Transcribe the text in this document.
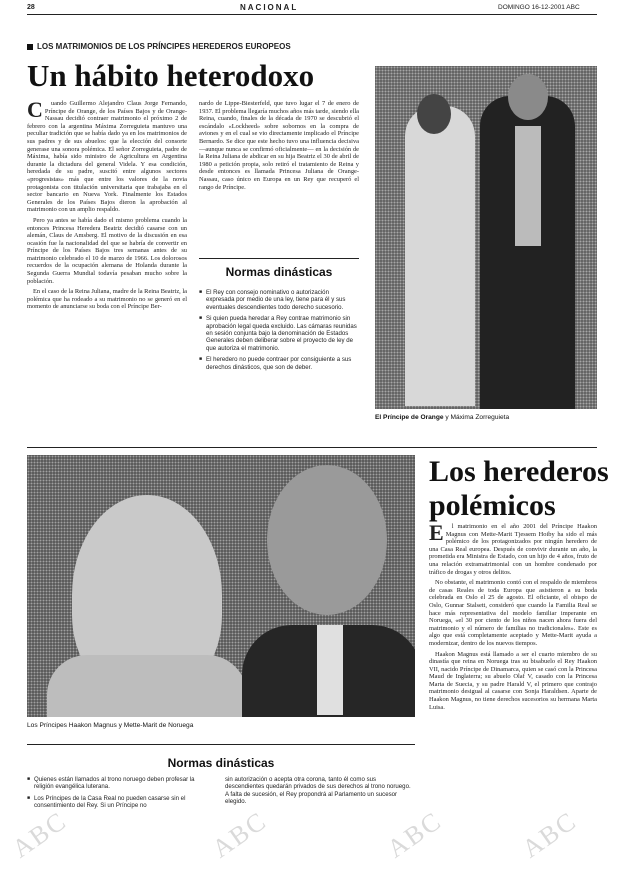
28	NACIONAL	DOMINGO 16-12-2001 ABC
LOS MATRIMONIOS DE LOS PRÍNCIPES HEREDEROS EUROPEOS
Un hábito heterodoxo
C	uando Guillermo Alejandro Claus Jorge Fernando, Príncipe de Orange, de los Países Bajos y de Orange-Nassau decidió contraer matrimonio el próximo 2 de febrero con la argentina Máxima Zorreguieta mantuvo una peculiar tradición que se había dado ya en los matrimonios de sus padres y de sus abuelos: que la elección del consorte generase una sonora polémica. El señor Zorreguieta, padre de Máxima, había sido ministro de Agricultura en Argentina durante la dictadura del general Videla. Y esa condición, heredada de su padre, suscitó entre algunos sectores «progresistas» más que entre los valores de la novia protagonista con titulación universitaria que trabajaba en el sector bancario en Nueva York. Finalmente los Estados Generales de los Países Bajos dieron la aprobación al matrimonio con un amplio respaldo.

Pero ya antes se había dado el mismo problema cuando la entonces Princesa Heredera Beatriz decidió casarse con un alemán, Claus de Amsberg. El motivo de la discusión en esa ocasión fue la nacionalidad del que se habría de convertir en Príncipe de los Países Bajos tres semanas antes de su matrimonio celebrado el 10 de marzo de 1966. Los dolorosos recuerdos de la ocupación alemana de Holanda durante la Segunda Guerra Mundial todavía pesaban mucho sobre la población.

En el caso de la Reina Juliana, madre de la Reina Beatriz, la polémica que ha rodeado a su matrimonio no se generó en el momento de anunciarse su boda con el Príncipe Ber-

nardo de Lippe-Biesterfeld, que tuvo lugar el 7 de enero de 1937. El problema llegaría muchos años más tarde, siendo ella Reina, cuando, finales de la década de 1970 se descubrió el escándalo «Lockheed» sobre sobornos en la compra de aviones y en el cual se vio directamente implicado el Príncipe Bernardo. Se dice que este hecho tuvo una influencia decisiva —aunque nunca se confirmó oficialmente— en la decisión de la Reina Juliana de abdicar en su hija Beatriz el 30 de abril de 1980 a petición propia, solo retiró el tratamiento de Reina y desde entonces es llamada Princesa Juliana de Orange-Nassau, caso único en Europa en un Rey que recuperó el rango de Príncipe.

Normas dinásticas
■ El Rey con consejo nominativo o autorización expresada por medio de una ley, tiene para él y sus eventuales descendientes todo derecho sucesorio.
■ Si quien pueda heredar a Rey contrae matrimonio sin aprobación legal queda excluido. Las cámaras reunidas en sesión conjunta bajo la denominación de Estados Generales deben deliberar sobre el proyecto de ley de que autoriza el matrimonio.
■ El heredero no puede contraer por consiguiente a sus derechos dinásticos, que son de deber.
El Príncipe de Orange y Máxima Zorreguieta
Los Príncipes Haakon Magnus y Mette-Marit de Noruega
Los herederos
polémicos
E	l matrimonio en el año 2001 del Príncipe Haakon Magnus con Mette-Marit Tjessem Hoiby ha sido el más polémico de los protagonizados por ningún heredero de una Casa Real europea. Después de convivir durante un año, la prometida era Ministra de Estado, con un hijo de 4 años, fruto de una relación extramatrimonial con un hombre condenado por tráfico de drogas y otros delitos.

No obstante, el matrimonio contó con el respaldo de miembros de casas Reales de toda Europa que asistieron a su boda celebrada en Oslo el 25 de agosto. El oficiante, el obispo de Oslo, Gunnar Stalsett, consideró que cuando la Familia Real se hace más representativa del modelo familiar imperante en Noruega, «el 30 por ciento de los niños nacen ahora fuera del matrimonio y el número de familias no tradicionales». Este es algo que está completamente aceptado y Mette-Marit ayuda a modernizar, dentro de los nuevos tiempos.

Haakon Magnus está llamado a ser el cuarto miembro de su dinastía que reina en Noruega tras su bisabuelo el Rey Haakon VII, nacido Príncipe de Dinamarca, quien se casó con la Princesa Maud de Inglaterra; su abuelo Olaf V, casado con la Princesa Marta de Suecia, y su padre Harald V, el primero que contrajo matrimonio desigual al casarse con Sonja Haraldsen. Aparte de Haakon Magnus, no tiene derechos sucesorios su hermana Marta Luisa.

Normas dinásticas
■ Quienes están llamados al trono noruego deben profesar la religión evangélica luterana.
■ Los Príncipes de la Casa Real no pueden casarse sin el consentimiento del Rey. Si un Príncipe no
sin autorización o acepta otra corona, tanto él como sus descendientes quedarán privados de sus derechos al trono noruego. A falta de sucesión, el Rey propondrá al Parlamento un sucesor elegido.
ABC	ABC	ABC	ABC
